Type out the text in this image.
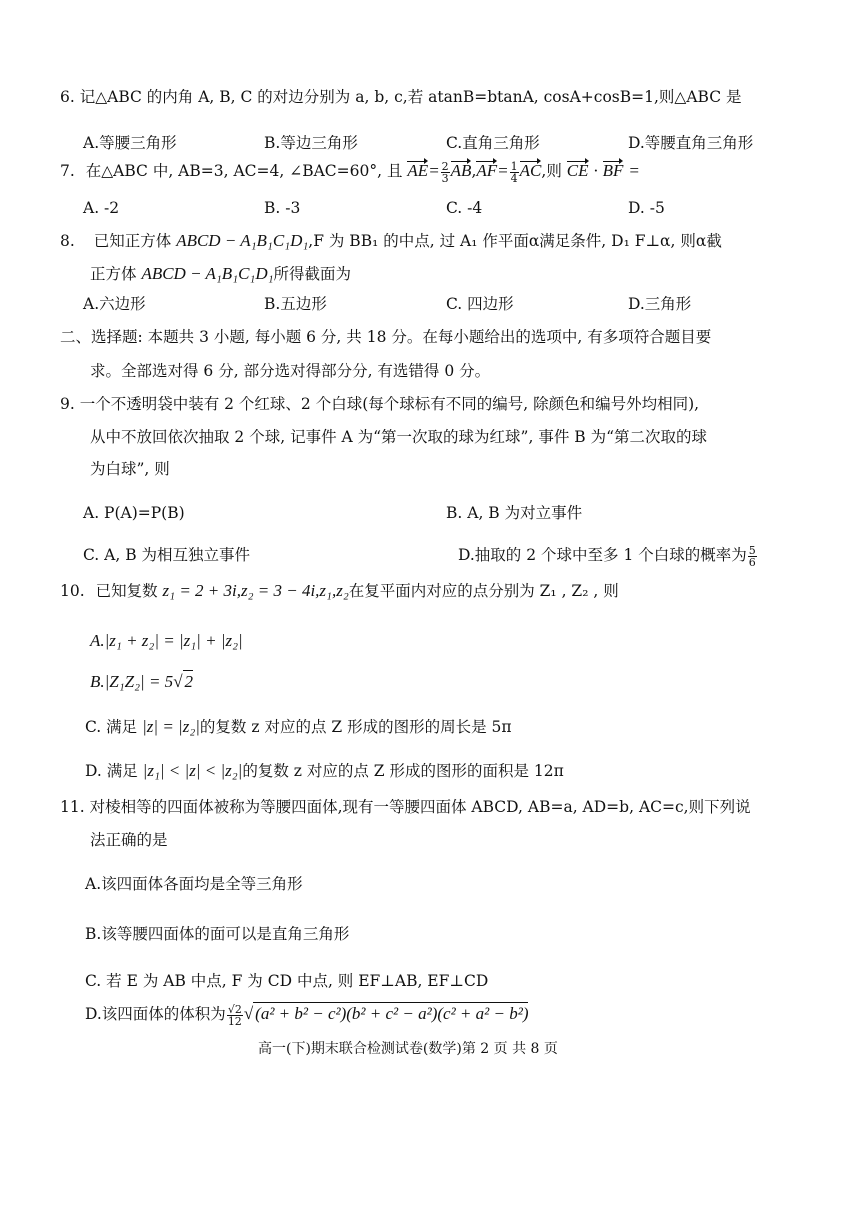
6. 记△ABC 的内角 A, B, C 的对边分别为 a, b, c,若 atanB=btanA, cosA+cosB=1,则△ABC 是
A.等腰三角形	B.等边三角形	C.直角三角形	D.等腰直角三角形
7. 在△ABC 中, AB=3, AC=4, ∠BAC=60°, 且 $AE= \frac{2}{3} AB,AF= \frac{1}{4}$ AC,则 CE · BF =
A. -2	B. -3	C. -4	D. -5
8. 已知正方体 ABCD − A₁B₁C₁D₁,F 为 BB₁ 的中点, 过 A₁ 作平面α满足条件, D₁ F⊥α, 则α截
正方体 ABCD − A₁B₁C₁D₁所得截面为
A.六边形	B.五边形	C. 四边形	D.三角形
二、选择题: 本题共 3 小题, 每小题 6 分, 共 18 分。在每小题给出的选项中, 有多项符合题目要
求。全部选对得 6 分, 部分选对得部分分, 有选错得 0 分。
9. 一个不透明袋中装有 2 个红球、2 个白球(每个球标有不同的编号, 除颜色和编号外均相同),
从中不放回依次抽取 2 个球, 记事件 A 为“第一次取的球为红球”, 事件 B 为“第二次取的球
为白球”, 则
A. P(A)=P(B)	B. A, B 为对立事件
C. A, B 为相互独立事件	D.抽取的 2 个球中至多 1 个白球的概率为 $\frac{5}{6}$
10. 已知复数 z₁ = 2 + 3i,z₂ = 3 − 4i,z₁,z₂在复平面内对应的点分别为 Z₁ , Z₂ , 则
A.|z₁ + z₂| = |z₁| + |z₂|
B.|Z₁Z₂| = 5√ 2
C. 满足 |z| = |z₂|的复数 z 对应的点 Z 形成的图形的周长是 5π
D. 满足 |z₁| < |z| < |z₂|的复数 z 对应的点 Z 形成的图形的面积是 12π
11. 对棱相等的四面体被称为等腰四面体,现有一等腰四面体 ABCD, AB=a, AD=b, AC=c,则下列说
法正确的是
A.该四面体各面均是全等三角形
B.该等腰四面体的面可以是直角三角形
C. 若 E 为 AB 中点, F 为 CD 中点, 则 EF⊥AB, EF⊥CD
D.该四面体的体积为 $\frac{√2}{12}$ √ (a² + b² − c²)(b² + c² − a²)(c² + a² − b²)
高一(下)期末联合检测试卷(数学)第 2 页 共 8 页
